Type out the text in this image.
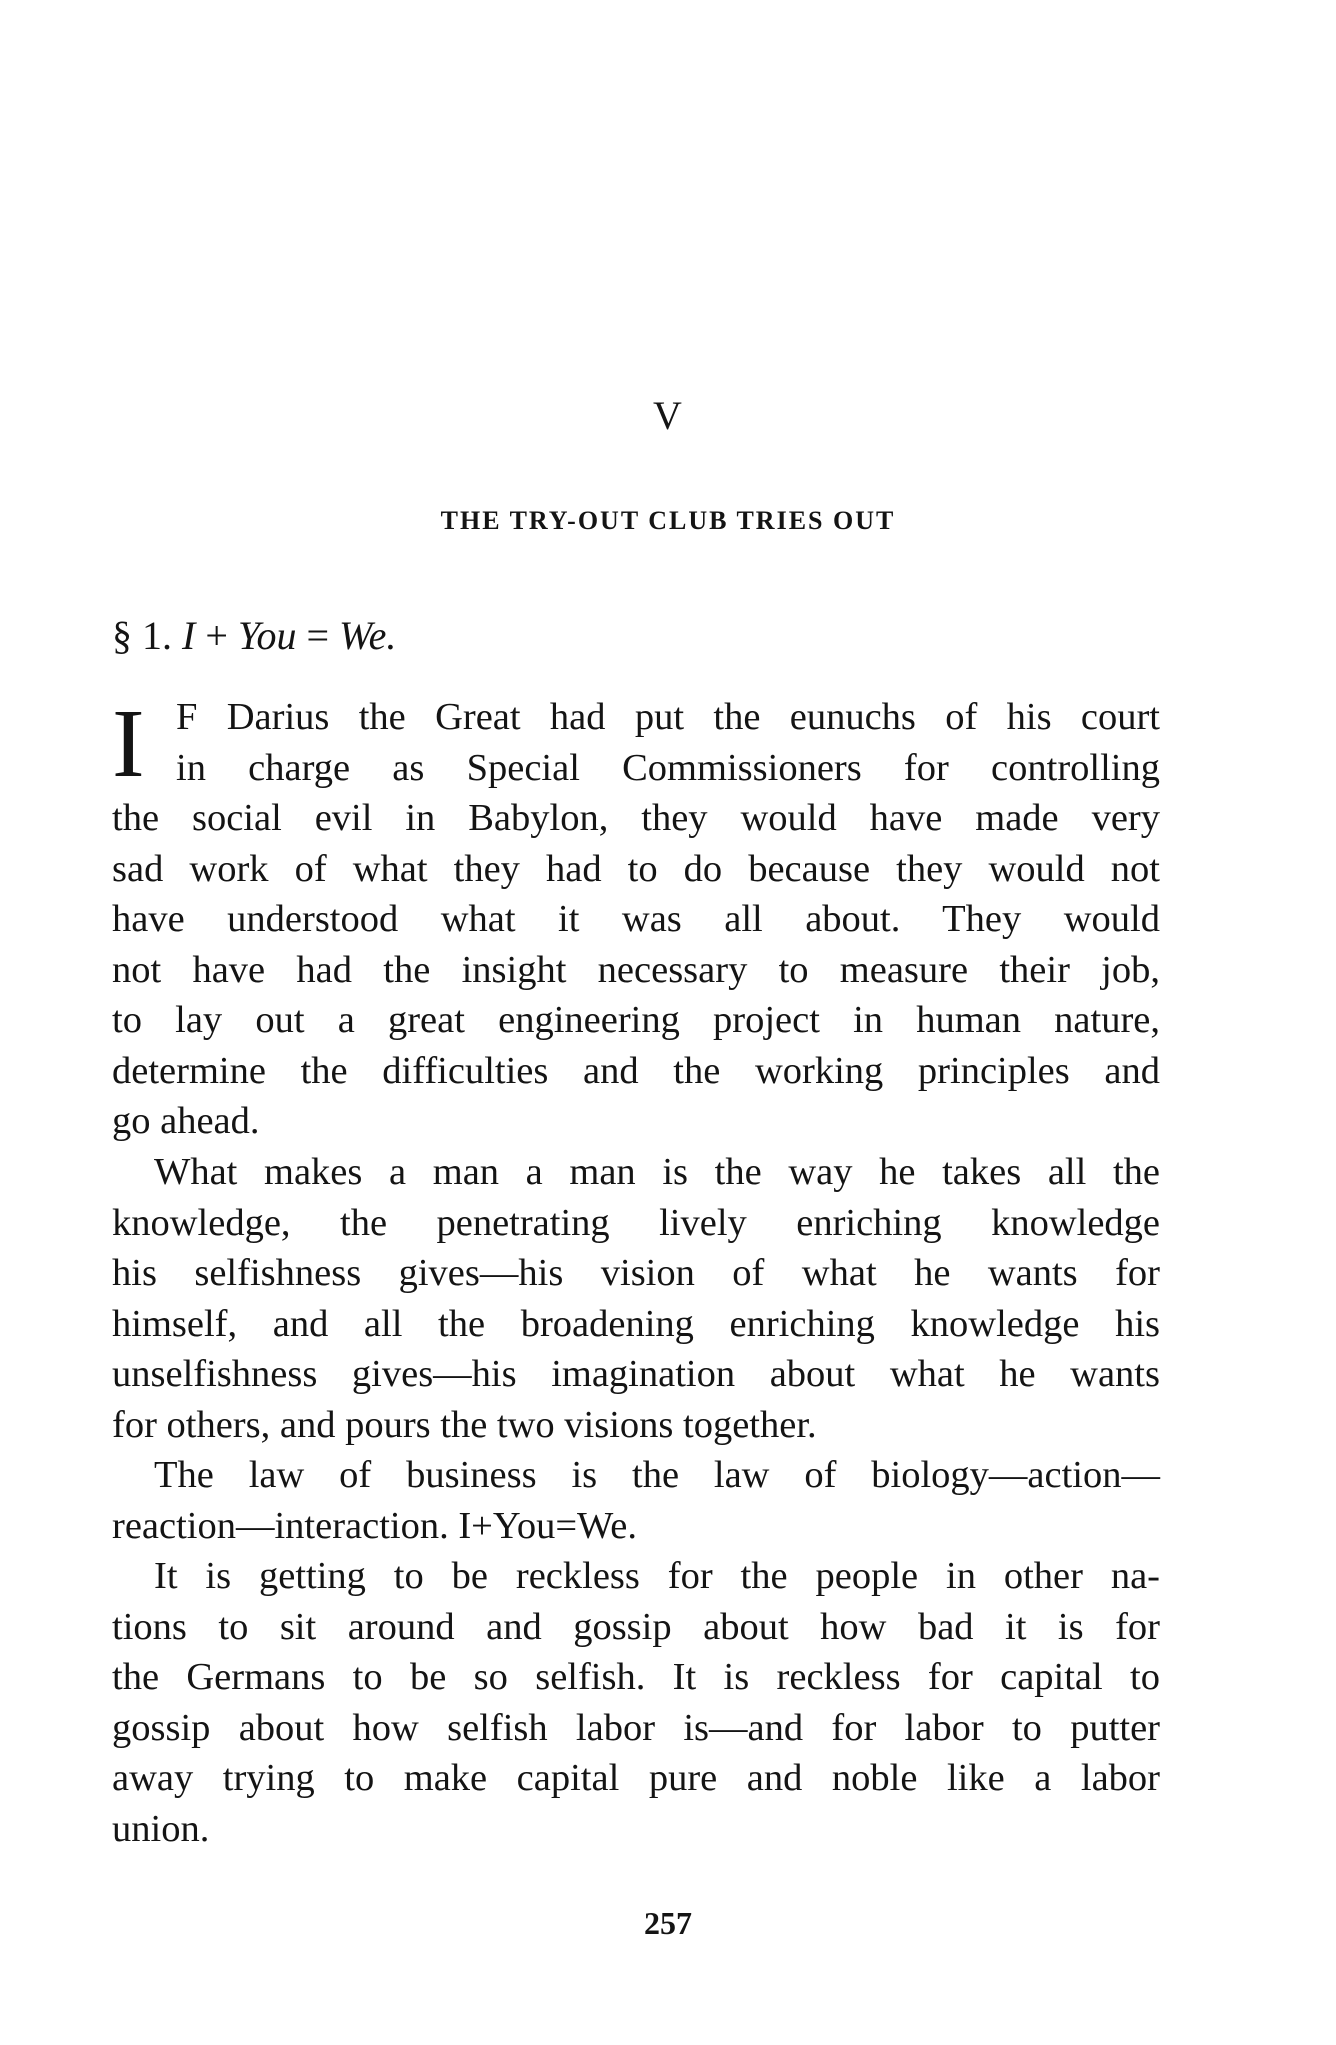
V
THE TRY-OUT CLUB TRIES OUT
§ 1. I + You = We.
I F Darius the Great had put the eunuchs of his court
in charge as Special Commissioners for controlling
the social evil in Babylon, they would have made very
sad work of what they had to do because they would not
have understood what it was all about. They would
not have had the insight necessary to measure their job,
to lay out a great engineering project in human nature,
determine the difficulties and the working principles and
go ahead.
What makes a man a man is the way he takes all the
knowledge, the penetrating lively enriching knowledge
his selfishness gives—his vision of what he wants for
himself, and all the broadening enriching knowledge his
unselfishness gives—his imagination about what he wants
for others, and pours the two visions together.
The law of business is the law of biology—action—
reaction—interaction. I+You=We.
It is getting to be reckless for the people in other na-
tions to sit around and gossip about how bad it is for
the Germans to be so selfish. It is reckless for capital to
gossip about how selfish labor is—and for labor to putter
away trying to make capital pure and noble like a labor
union.
257
